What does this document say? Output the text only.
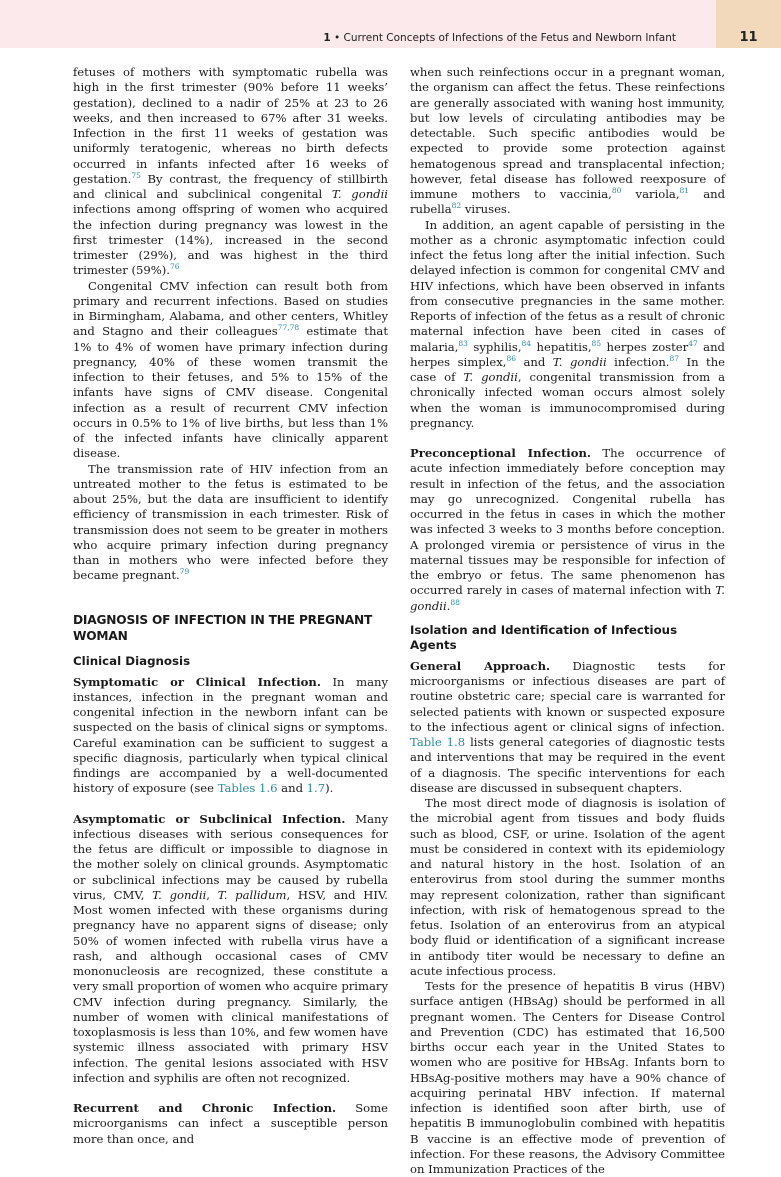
1 • Current Concepts of Infections of the Fetus and Newborn Infant	11

fetuses of mothers with symptomatic rubella was high in the first trimester (90% before 11 weeks’ gestation), declined to a nadir of 25% at 23 to 26 weeks, and then increased to 67% after 31 weeks. Infection in the first 11 weeks of gestation was uniformly teratogenic, whereas no birth defects occurred in infants infected after 16 weeks of gestation.$^{75}$ By contrast, the frequency of stillbirth and clinical and subclinical congenital T. gondii infections among offspring of women who acquired the infection during pregnancy was lowest in the first trimester (14%), increased in the second trimester (29%), and was highest in the third trimester (59%).$^{76}$

Congenital CMV infection can result both from primary and recurrent infections. Based on studies in Birmingham, Alabama, and other centers, Whitley and Stagno and their colleagues$^{77,78}$ estimate that 1% to 4% of women have primary infection during pregnancy, 40% of these women transmit the infection to their fetuses, and 5% to 15% of the infants have signs of CMV disease. Congenital infection as a result of recurrent CMV infection occurs in 0.5% to 1% of live births, but less than 1% of the infected infants have clinically apparent disease.

The transmission rate of HIV infection from an untreated mother to the fetus is estimated to be about 25%, but the data are insufficient to identify efficiency of transmission in each trimester. Risk of transmission does not seem to be greater in mothers who acquire primary infection during pregnancy than in mothers who were infected before they became pregnant.$^{79}$

DIAGNOSIS OF INFECTION IN THE PREGNANT WOMAN
Clinical Diagnosis

Symptomatic or Clinical Infection. In many instances, infection in the pregnant woman and congenital infection in the newborn infant can be suspected on the basis of clinical signs or symptoms. Careful examination can be sufficient to suggest a specific diagnosis, particularly when typical clinical findings are accompanied by a well-documented history of exposure (see Tables 1.6 and 1.7).

Asymptomatic or Subclinical Infection. Many infectious diseases with serious consequences for the fetus are difficult or impossible to diagnose in the mother solely on clinical grounds. Asymptomatic or subclinical infections may be caused by rubella virus, CMV, T. gondii, T. pallidum, HSV, and HIV. Most women infected with these organisms during pregnancy have no apparent signs of disease; only 50% of women infected with rubella virus have a rash, and although occasional cases of CMV mononucleosis are recognized, these constitute a very small proportion of women who acquire primary CMV infection during pregnancy. Similarly, the number of women with clinical manifestations of toxoplasmosis is less than 10%, and few women have systemic illness associated with primary HSV infection. The genital lesions associated with HSV infection and syphilis are often not recognized.

Recurrent and Chronic Infection. Some microorganisms can infect a susceptible person more than once, and

when such reinfections occur in a pregnant woman, the organism can affect the fetus. These reinfections are generally associated with waning host immunity, but low levels of circulating antibodies may be detectable. Such specific antibodies would be expected to provide some protection against hematogenous spread and transplacental infection; however, fetal disease has followed reexposure of immune mothers to vaccinia,$^{80}$ variola,$^{81}$ and rubella$^{82}$ viruses.

In addition, an agent capable of persisting in the mother as a chronic asymptomatic infection could infect the fetus long after the initial infection. Such delayed infection is common for congenital CMV and HIV infections, which have been observed in infants from consecutive pregnancies in the same mother. Reports of infection of the fetus as a result of chronic maternal infection have been cited in cases of malaria,$^{83}$ syphilis,$^{84}$ hepatitis,$^{85}$ herpes zoster$^{47}$ and herpes simplex,$^{86}$ and T. gondii infection.$^{87}$ In the case of T. gondii, congenital transmission from a chronically infected woman occurs almost solely when the woman is immunocompromised during pregnancy.

Preconceptional Infection. The occurrence of acute infection immediately before conception may result in infection of the fetus, and the association may go unrecognized. Congenital rubella has occurred in the fetus in cases in which the mother was infected 3 weeks to 3 months before conception. A prolonged viremia or persistence of virus in the maternal tissues may be responsible for infection of the embryo or fetus. The same phenomenon has occurred rarely in cases of maternal infection with T. gondii.$^{88}$

Isolation and Identification of Infectious Agents

General Approach. Diagnostic tests for microorganisms or infectious diseases are part of routine obstetric care; special care is warranted for selected patients with known or suspected exposure to the infectious agent or clinical signs of infection. Table 1.8 lists general categories of diagnostic tests and interventions that may be required in the event of a diagnosis. The specific interventions for each disease are discussed in subsequent chapters.

The most direct mode of diagnosis is isolation of the microbial agent from tissues and body fluids such as blood, CSF, or urine. Isolation of the agent must be considered in context with its epidemiology and natural history in the host. Isolation of an enterovirus from stool during the summer months may represent colonization, rather than significant infection, with risk of hematogenous spread to the fetus. Isolation of an enterovirus from an atypical body fluid or identification of a significant increase in antibody titer would be necessary to define an acute infectious process.

Tests for the presence of hepatitis B virus (HBV) surface antigen (HBsAg) should be performed in all pregnant women. The Centers for Disease Control and Prevention (CDC) has estimated that 16,500 births occur each year in the United States to women who are positive for HBsAg. Infants born to HBsAg-positive mothers may have a 90% chance of acquiring perinatal HBV infection. If maternal infection is identified soon after birth, use of hepatitis B immunoglobulin combined with hepatitis B vaccine is an effective mode of prevention of infection. For these reasons, the Advisory Committee on Immunization Practices of the
